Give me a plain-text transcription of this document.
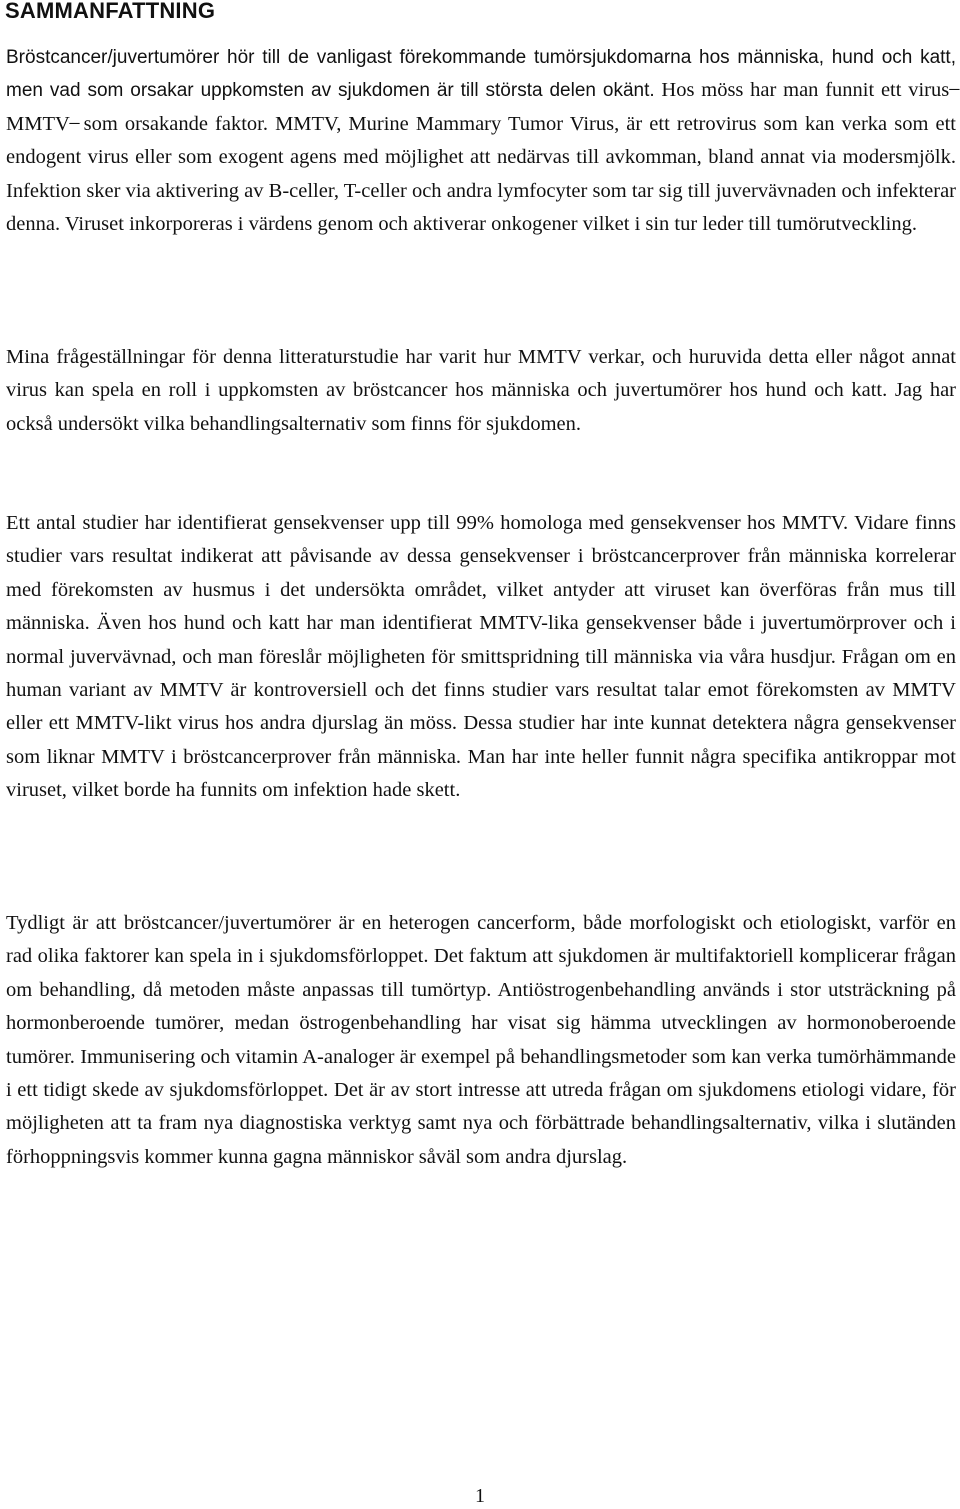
SAMMANFATTNING

Bröstcancer/juvertumörer hör till de vanligast förekommande tumörsjukdomarna hos människa, hund och katt, men vad som orsakar uppkomsten av sjukdomen är till största delen okänt. Hos möss har man funnit ett virus ̶ MMTV ̶ som orsakande faktor. MMTV, Murine Mammary Tumor Virus, är ett retrovirus som kan verka som ett endogent virus eller som exogent agens med möjlighet att nedärvas till avkomman, bland annat via modersmjölk. Infektion sker via aktivering av B-celler, T-celler och andra lymfocyter som tar sig till juvervävnaden och infekterar denna. Viruset inkorporeras i värdens genom och aktiverar onkogener vilket i sin tur leder till tumörutveckling.

Mina frågeställningar för denna litteraturstudie har varit hur MMTV verkar, och huruvida detta eller något annat virus kan spela en roll i uppkomsten av bröstcancer hos människa och juvertumörer hos hund och katt. Jag har också undersökt vilka behandlingsalternativ som finns för sjukdomen.

Ett antal studier har identifierat gensekvenser upp till 99% homologa med gensekvenser hos MMTV. Vidare finns studier vars resultat indikerat att påvisande av dessa gensekvenser i bröstcancerprover från människa korrelerar med förekomsten av husmus i det undersökta området, vilket antyder att viruset kan överföras från mus till människa. Även hos hund och katt har man identifierat MMTV-lika gensekvenser både i juvertumörprover och i normal juvervävnad, och man föreslår möjligheten för smittspridning till människa via våra husdjur. Frågan om en human variant av MMTV är kontroversiell och det finns studier vars resultat talar emot förekomsten av MMTV eller ett MMTV-likt virus hos andra djurslag än möss. Dessa studier har inte kunnat detektera några gensekvenser som liknar MMTV i bröstcancerprover från människa. Man har inte heller funnit några specifika antikroppar mot viruset, vilket borde ha funnits om infektion hade skett.

Tydligt är att bröstcancer/juvertumörer är en heterogen cancerform, både morfologiskt och etiologiskt, varför en rad olika faktorer kan spela in i sjukdomsförloppet. Det faktum att sjukdomen är multifaktoriell komplicerar frågan om behandling, då metoden måste anpassas till tumörtyp. Antiöstrogenbehandling används i stor utsträckning på hormonberoende tumörer, medan östrogenbehandling har visat sig hämma utvecklingen av hormonoberoende tumörer. Immunisering och vitamin A-analoger är exempel på behandlingsmetoder som kan verka tumörhämmande i ett tidigt skede av sjukdomsförloppet. Det är av stort intresse att utreda frågan om sjukdomens etiologi vidare, för möjligheten att ta fram nya diagnostiska verktyg samt nya och förbättrade behandlingsalternativ, vilka i slutänden förhoppningsvis kommer kunna gagna människor såväl som andra djurslag.

1
